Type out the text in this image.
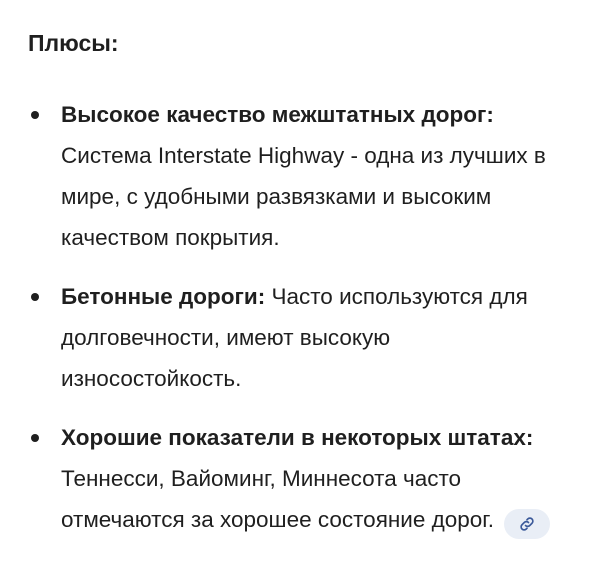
Плюсы:
Высокое качество межштатных дорог: Система Interstate Highway - одна из лучших в мире, с удобными развязками и высоким качеством покрытия.
Бетонные дороги: Часто используются для долговечности, имеют высокую износостойкость.
Хорошие показатели в некоторых штатах: Теннесси, Вайоминг, Миннесота часто отмечаются за хорошее состояние дорог.
